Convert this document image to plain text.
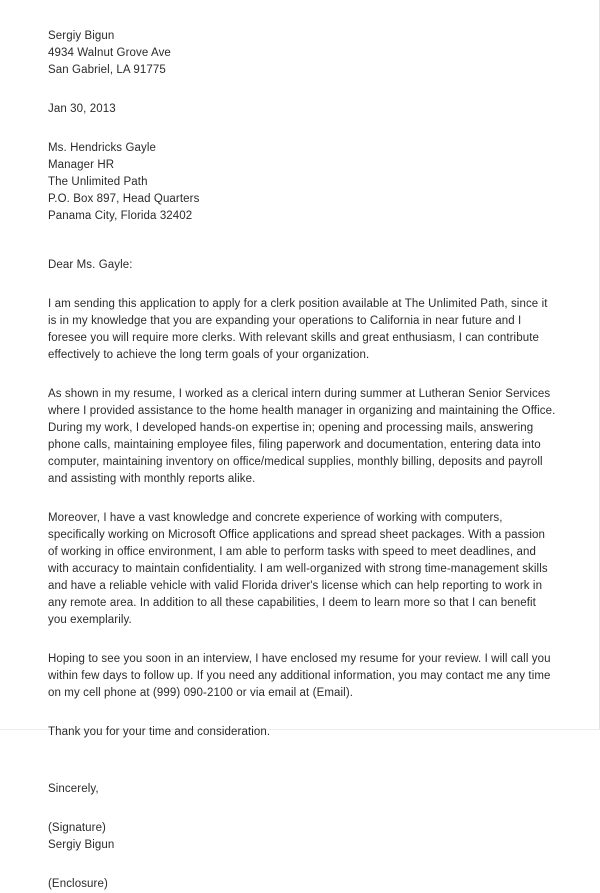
Sergiy Bigun
4934 Walnut Grove Ave
San Gabriel, LA 91775
Jan 30, 2013
Ms. Hendricks Gayle
Manager HR
The Unlimited Path
P.O. Box 897, Head Quarters
Panama City, Florida 32402
Dear Ms. Gayle:
I am sending this application to apply for a clerk position available at The Unlimited Path, since it is in my knowledge that you are expanding your operations to California in near future and I foresee you will require more clerks. With relevant skills and great enthusiasm, I can contribute effectively to achieve the long term goals of your organization.
As shown in my resume, I worked as a clerical intern during summer at Lutheran Senior Services where I provided assistance to the home health manager in organizing and maintaining the Office. During my work, I developed hands-on expertise in; opening and processing mails, answering phone calls, maintaining employee files, filing paperwork and documentation, entering data into computer, maintaining inventory on office/medical supplies, monthly billing, deposits and payroll and assisting with monthly reports alike.
Moreover, I have a vast knowledge and concrete experience of working with computers, specifically working on Microsoft Office applications and spread sheet packages. With a passion of working in office environment, I am able to perform tasks with speed to meet deadlines, and with accuracy to maintain confidentiality. I am well-organized with strong time-management skills and have a reliable vehicle with valid Florida driver's license which can help reporting to work in any remote area. In addition to all these capabilities, I deem to learn more so that I can benefit you exemplarily.
Hoping to see you soon in an interview, I have enclosed my resume for your review. I will call you within few days to follow up. If you need any additional information, you may contact me any time on my cell phone at (999) 090-2100 or via email at (Email).
Thank you for your time and consideration.
Sincerely,
(Signature)
Sergiy Bigun
(Enclosure)
